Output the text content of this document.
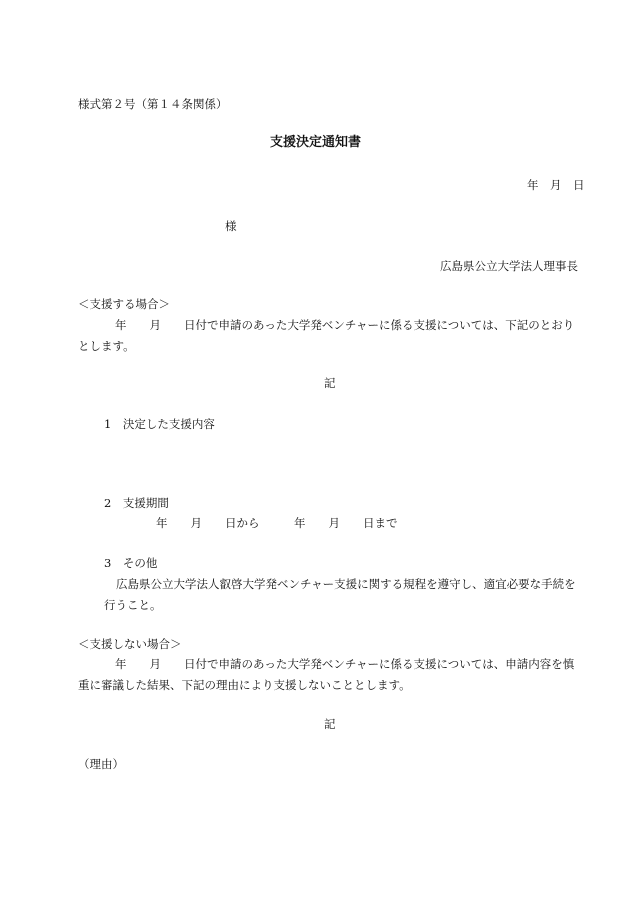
様式第２号（第１４条関係）
支援決定通知書
年　月　日
様
広島県公立大学法人理事長
＜支援する場合＞
年　　月　　日付で申請のあった大学発ベンチャーに係る支援については、下記のとおり
とします。
記
1　 決定した支援内容
2　 支援期間
年　　月　　日から　　　年　　月　　日まで
3　 その他
広島県公立大学法人叡啓大学発ベンチャー支援に関する規程を遵守し、適宜必要な手続を
行うこと。
＜支援しない場合＞
年　　月　　日付で申請のあった大学発ベンチャーに係る支援については、申請内容を慎
重に審議した結果、下記の理由により支援しないこととします。
記
（理由）
